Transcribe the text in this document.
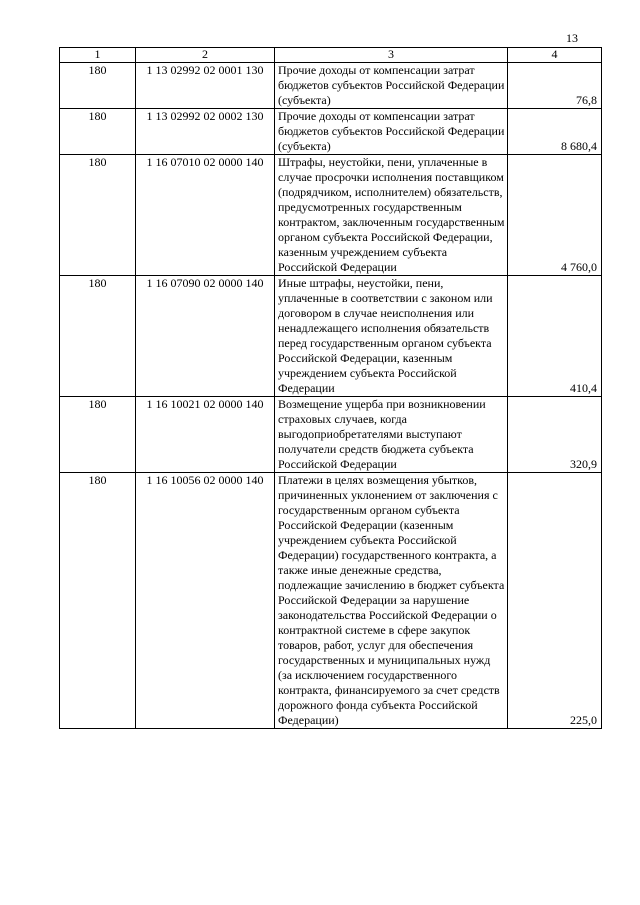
13
1	2	3	4
180	1 13 02992 02 0001 130	Прочие доходы от компенсации затрат бюджетов субъектов Российской Федерации (субъекта)	76,8
180	1 13 02992 02 0002 130	Прочие доходы от компенсации затрат бюджетов субъектов Российской Федерации (субъекта)	8 680,4
180	1 16 07010 02 0000 140	Штрафы, неустойки, пени, уплаченные в случае просрочки исполнения поставщиком (подрядчиком, исполнителем) обязательств, предусмотренных государственным контрактом, заключенным государственным органом субъекта Российской Федерации, казенным учреждением субъекта Российской Федерации	4 760,0
180	1 16 07090 02 0000 140	Иные штрафы, неустойки, пени, уплаченные в соответствии с законом или договором в случае неисполнения или ненадлежащего исполнения обязательств перед государственным органом субъекта Российской Федерации, казенным учреждением субъекта Российской Федерации	410,4
180	1 16 10021 02 0000 140	Возмещение ущерба при возникновении страховых случаев, когда выгодоприобретателями выступают получатели средств бюджета субъекта Российской Федерации	320,9
180	1 16 10056 02 0000 140	Платежи в целях возмещения убытков, причиненных уклонением от заключения с государственным органом субъекта Российской Федерации (казенным учреждением субъекта Российской Федерации) государственного контракта, а также иные денежные средства, подлежащие зачислению в бюджет субъекта Российской Федерации за нарушение законодательства Российской Федерации о контрактной системе в сфере закупок товаров, работ, услуг для обеспечения государственных и муниципальных нужд (за исключением государственного контракта, финансируемого за счет средств дорожного фонда субъекта Российской Федерации)	225,0
